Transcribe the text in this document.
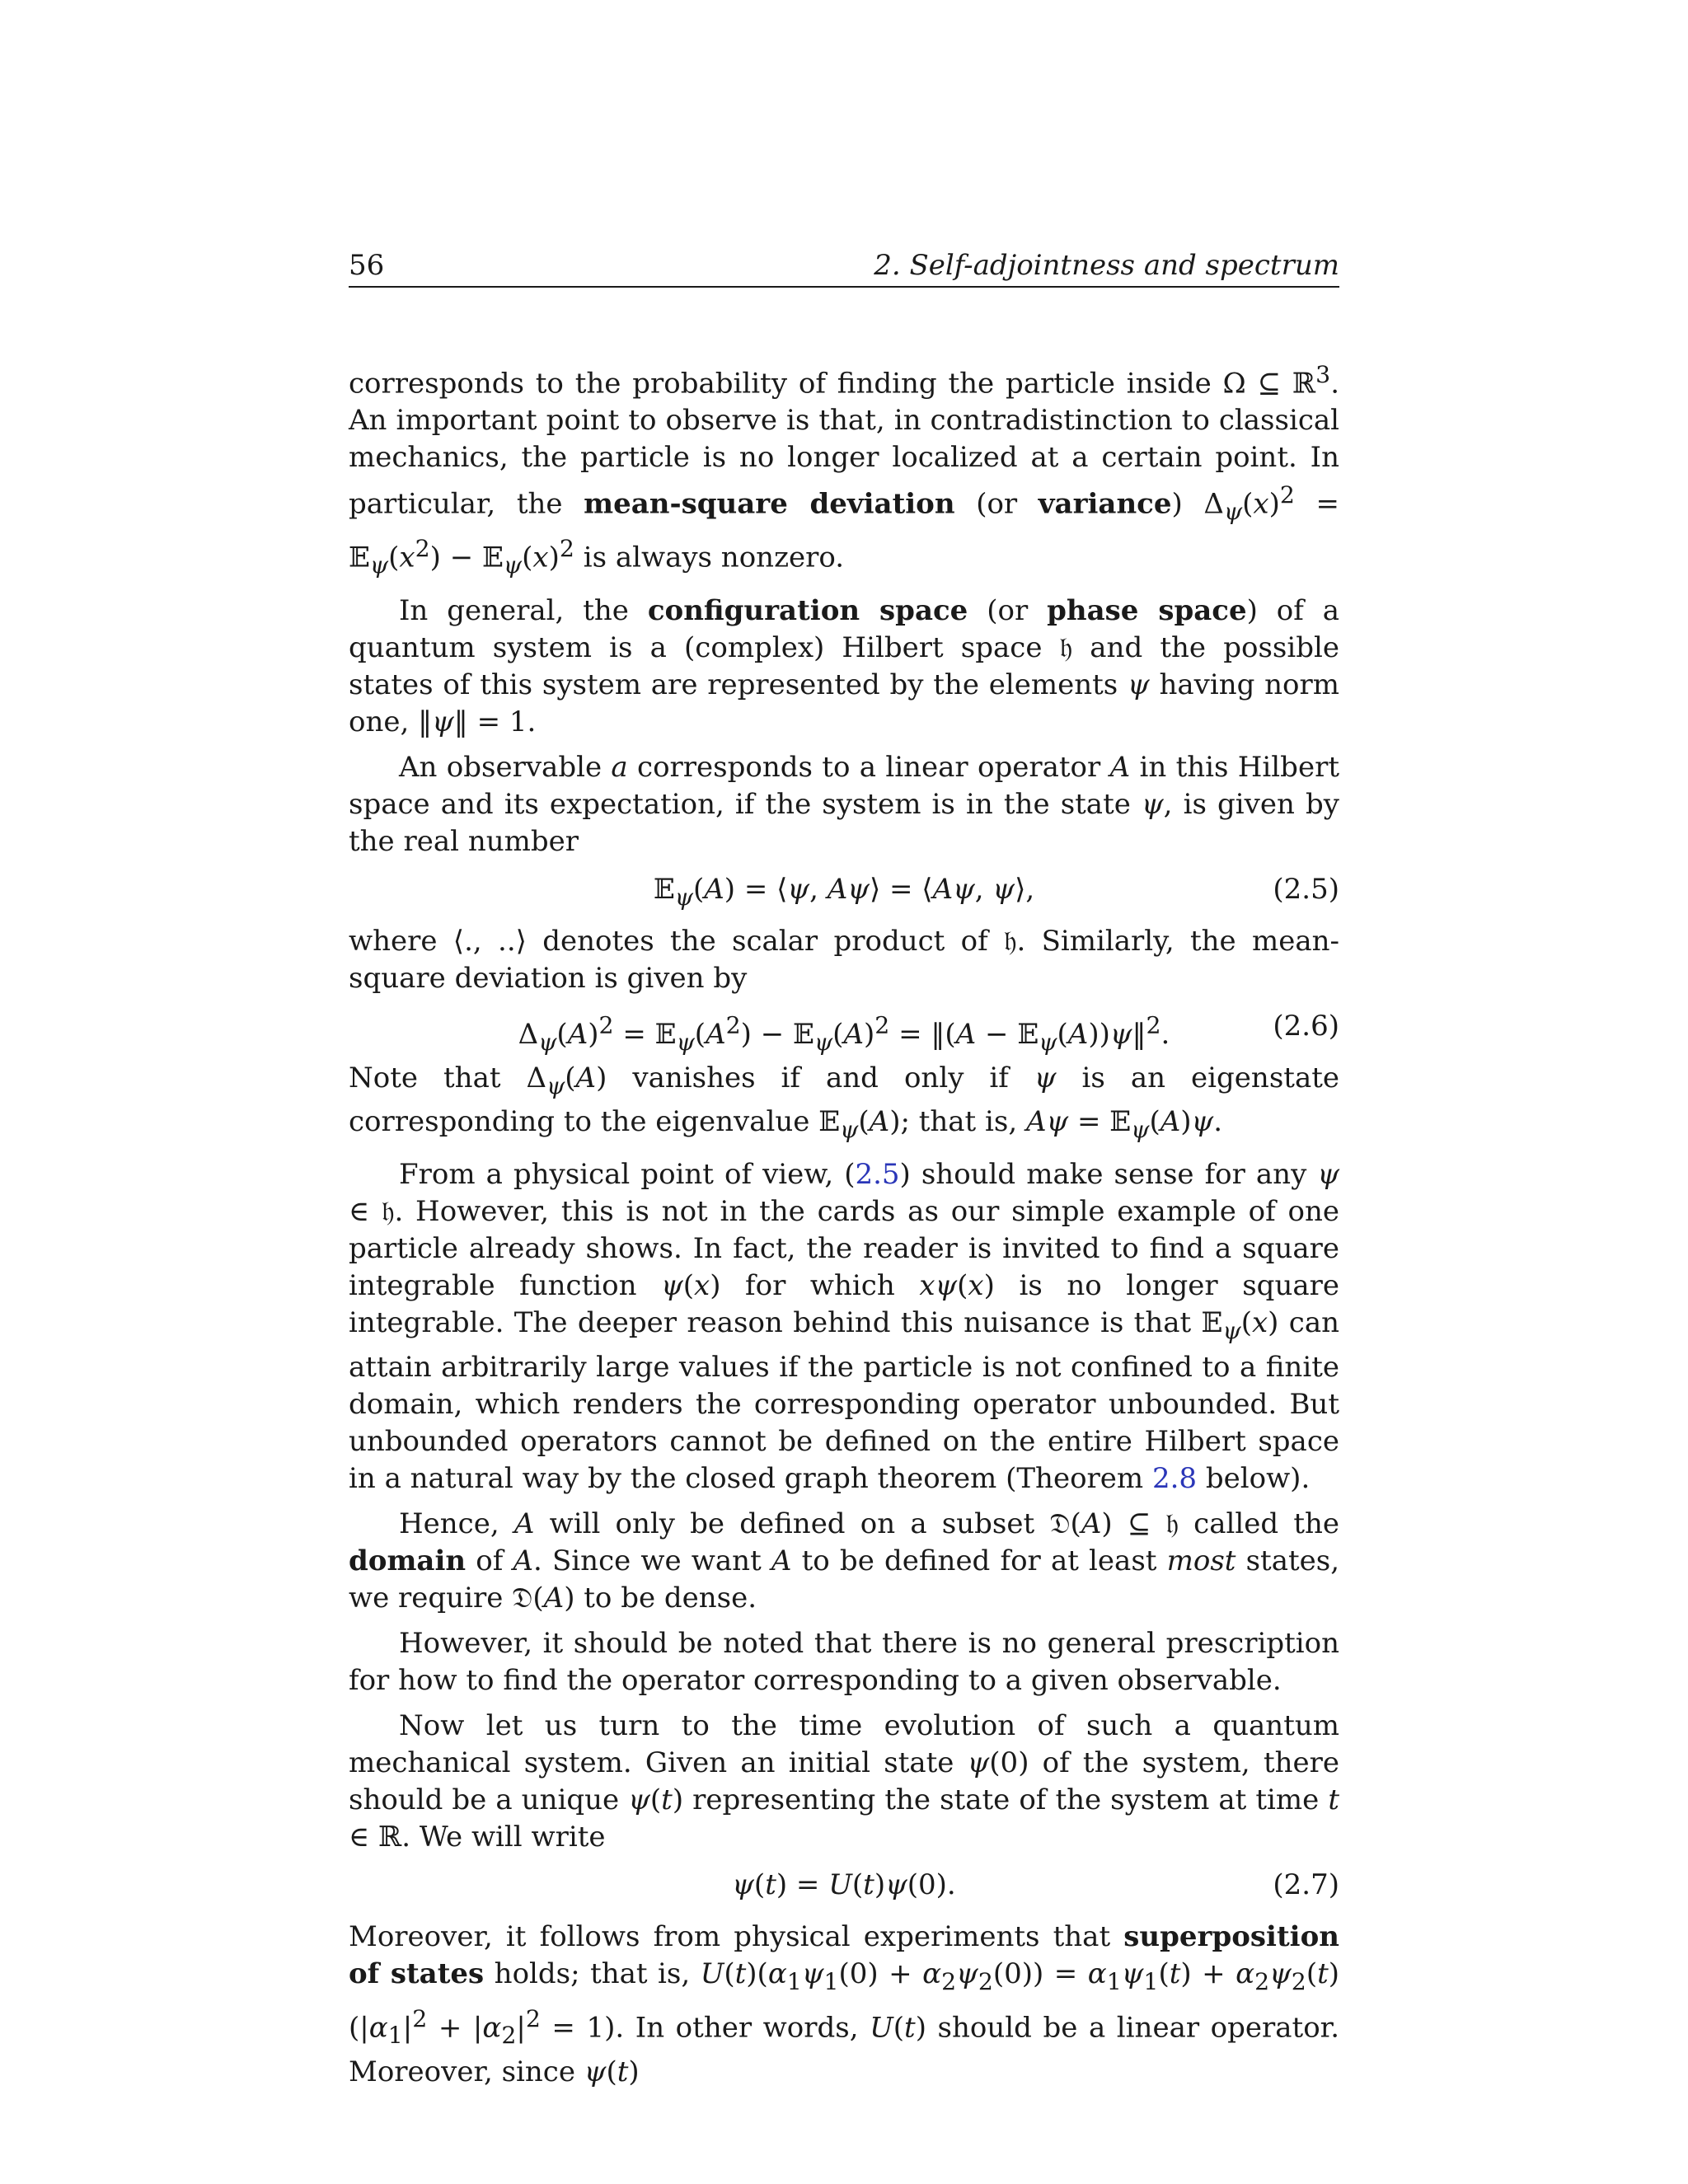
56	2. Self-adjointness and spectrum

corresponds to the probability of finding the particle inside Ω ⊆ ℝ$^3$. An important point to observe is that, in contradistinction to classical mechanics, the particle is no longer localized at a certain point. In particular, the mean-square deviation (or variance) $\Delta_\psi(x)^2$ = $𝔼_\psi(x^2)$ − $𝔼_\psi(x)^2$ is always nonzero.

In general, the configuration space (or phase space) of a quantum system is a (complex) Hilbert space 𝔥 and the possible states of this system are represented by the elements ψ having norm one, ‖ψ‖ = 1.

An observable a corresponds to a linear operator A in this Hilbert space and its expectation, if the system is in the state ψ, is given by the real number

𝔼$_\psi$(A) = ⟨ψ, Aψ⟩ = ⟨Aψ, ψ⟩,	(2.5)

where ⟨., ..⟩ denotes the scalar product of 𝔥. Similarly, the mean-square deviation is given by

$\Delta_\psi(A)^2$ = $𝔼_\psi(A^2)$ − $𝔼_\psi(A)^2$ = ‖(A − 𝔼$_\psi$(A))ψ‖$^2$.	(2.6)

Note that $\Delta_\psi(A)$ vanishes if and only if ψ is an eigenstate corresponding to the eigenvalue 𝔼$_\psi$(A); that is, Aψ = 𝔼$_\psi$(A)ψ.

From a physical point of view, (2.5) should make sense for any ψ ∈ 𝔥. However, this is not in the cards as our simple example of one particle already shows. In fact, the reader is invited to find a square integrable function ψ(x) for which xψ(x) is no longer square integrable. The deeper reason behind this nuisance is that 𝔼$_\psi$(x) can attain arbitrarily large values if the particle is not confined to a finite domain, which renders the corresponding operator unbounded. But unbounded operators cannot be defined on the entire Hilbert space in a natural way by the closed graph theorem (Theorem 2.8 below).

Hence, A will only be defined on a subset 𝔇(A) ⊆ 𝔥 called the domain of A. Since we want A to be defined for at least most states, we require 𝔇(A) to be dense.

However, it should be noted that there is no general prescription for how to find the operator corresponding to a given observable.

Now let us turn to the time evolution of such a quantum mechanical system. Given an initial state ψ(0) of the system, there should be a unique ψ(t) representing the state of the system at time t ∈ ℝ. We will write

ψ(t) = U(t)ψ(0).	(2.7)

Moreover, it follows from physical experiments that superposition of states holds; that is, $U(t)(\alpha_1\psi_1(0) + \alpha_2\psi_2(0)) = \alpha_1\psi_1(t) + \alpha_2\psi_2(t) (|\alpha_1|^2 + |\alpha_2|^2 = 1)$. In other words, U(t) should be a linear operator. Moreover, since ψ(t)
